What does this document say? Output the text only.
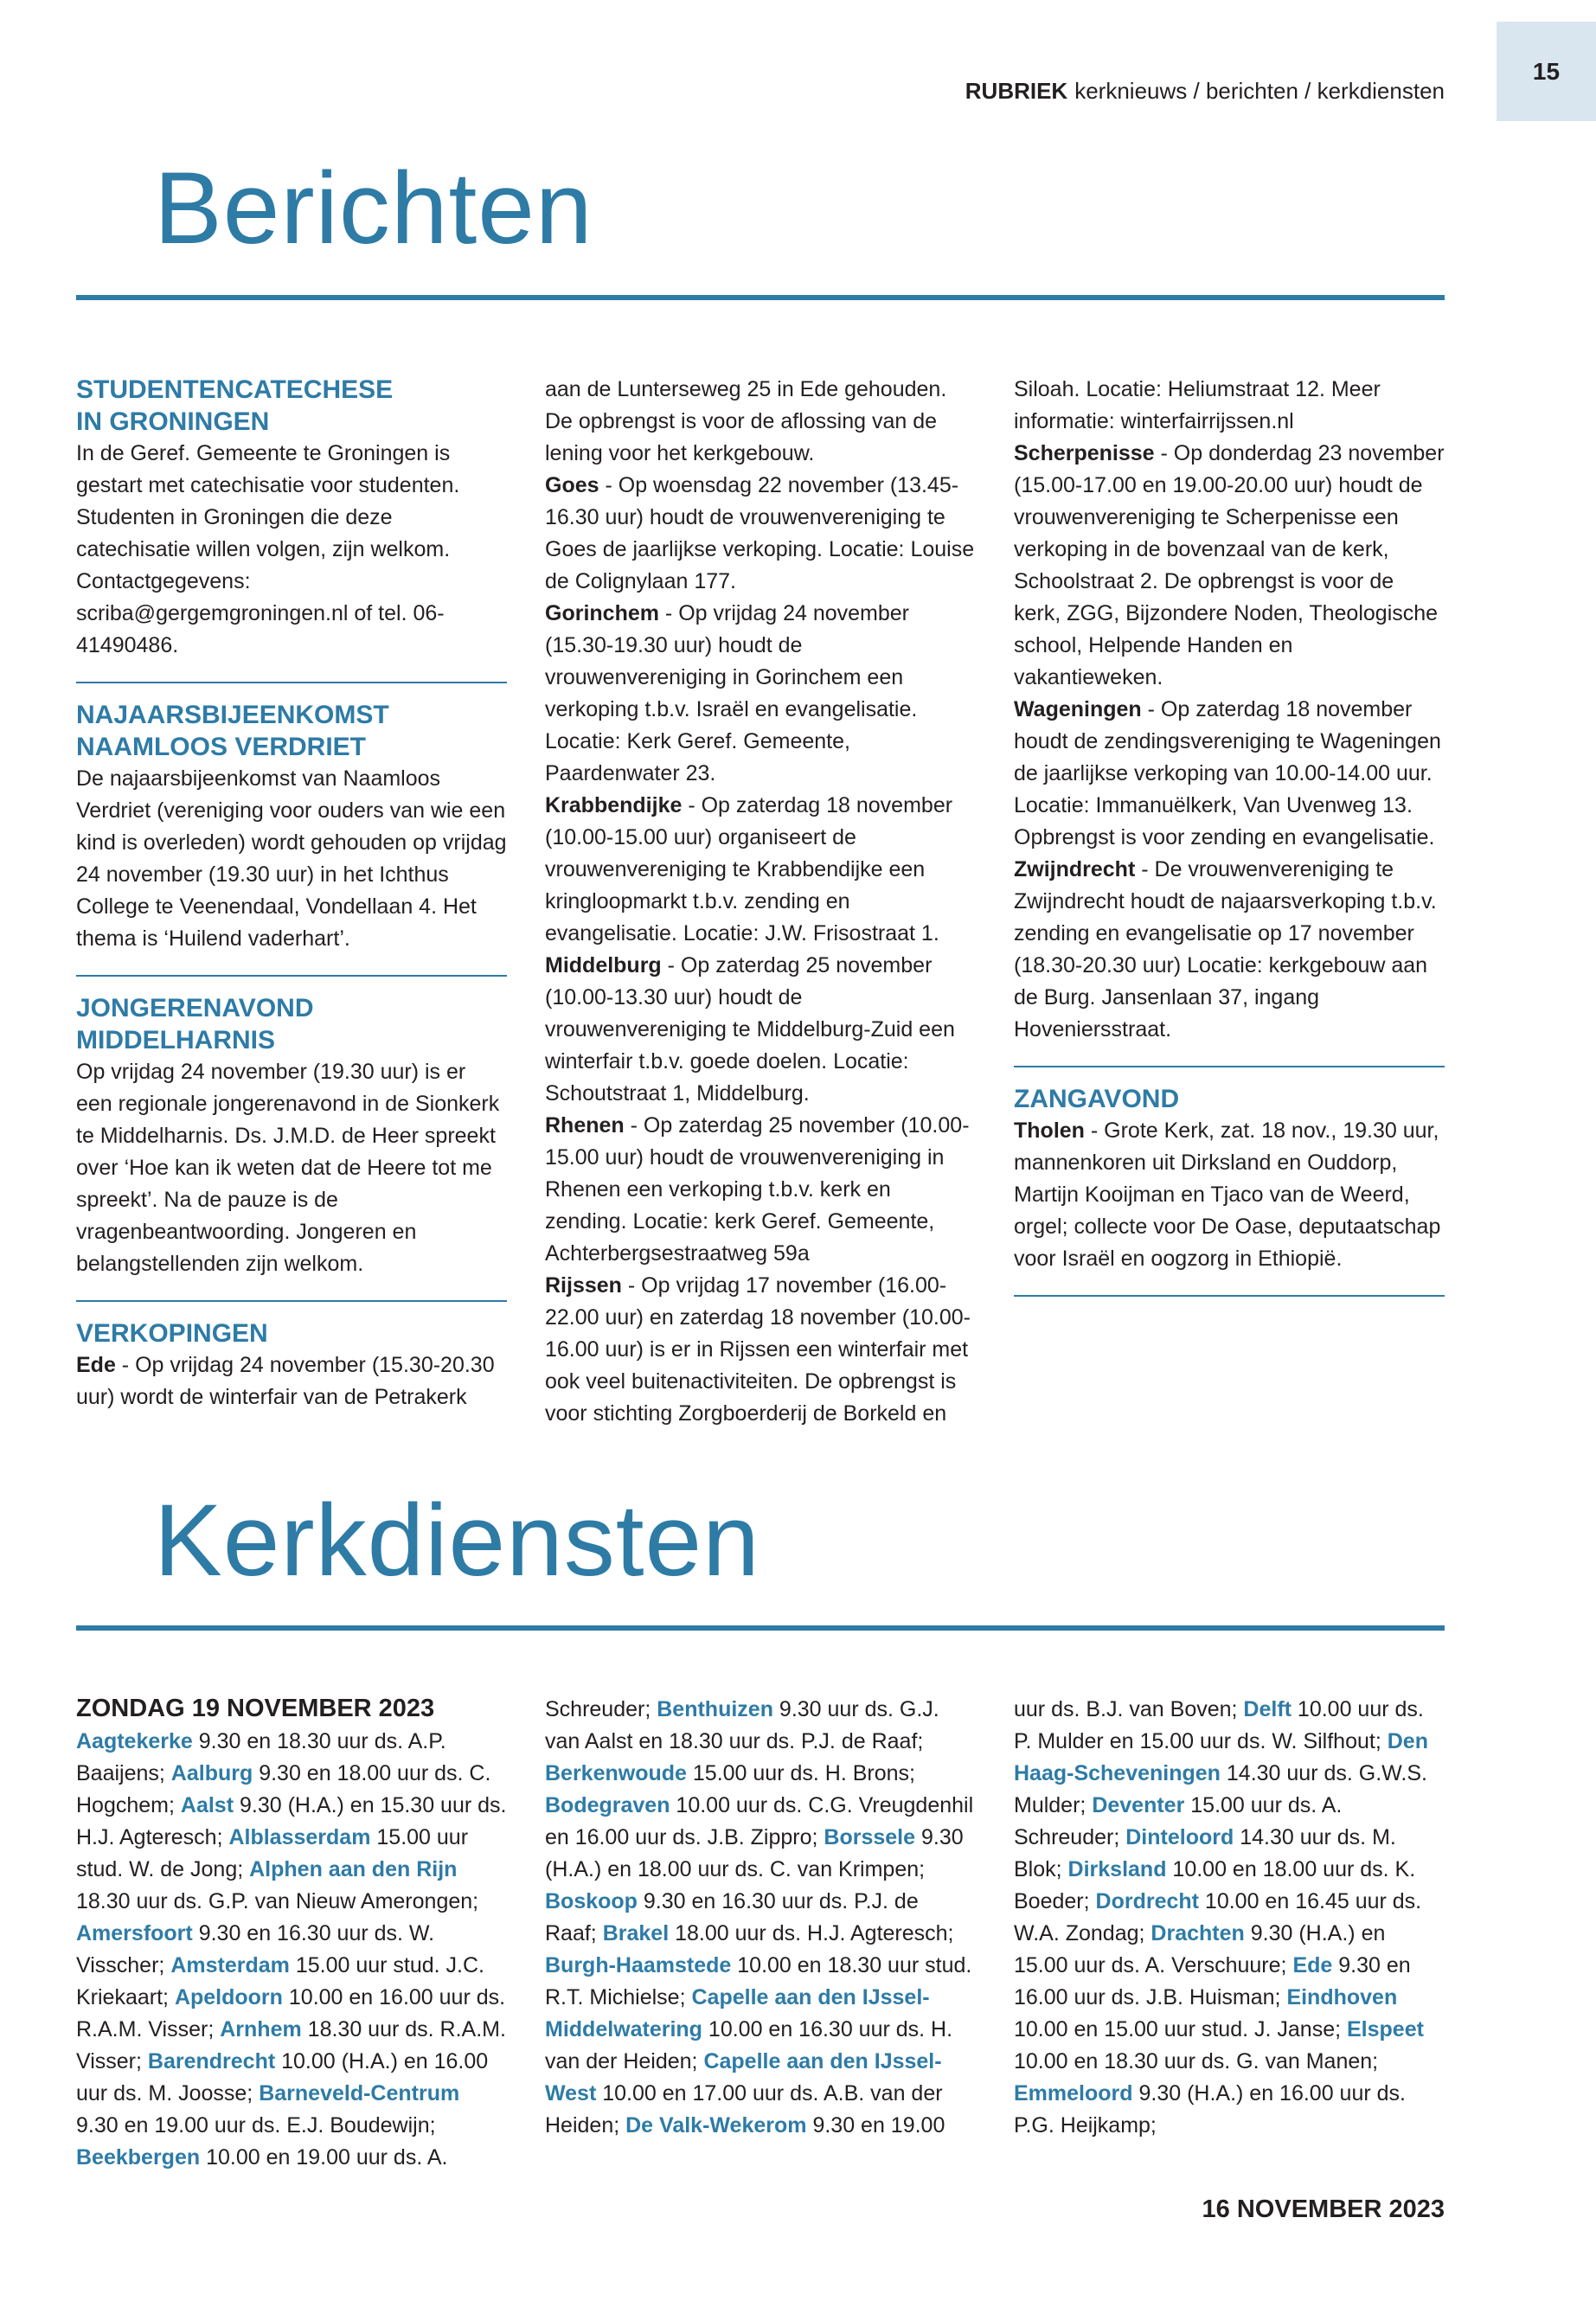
15
RUBRIEK kerknieuws / berichten / kerkdiensten
Berichten
STUDENTENCATECHESE
IN GRONINGEN

In de Geref. Gemeente te Groningen is gestart met catechisatie voor studenten. Studenten in Groningen die deze catechisatie willen volgen, zijn welkom. Contactgegevens: scriba@gergemgroningen.nl of tel. 06-41490486.

NAJAARSBIJEENKOMST
NAAMLOOS VERDRIET

De najaarsbijeenkomst van Naamloos Verdriet (vereniging voor ouders van wie een kind is overleden) wordt gehouden op vrijdag 24 november (19.30 uur) in het Ichthus College te Veenendaal, Vondellaan 4. Het thema is ‘Huilend vaderhart’.

JONGERENAVOND
MIDDELHARNIS

Op vrijdag 24 november (19.30 uur) is er een regionale jongerenavond in de Sionkerk te Middelharnis. Ds. J.M.D. de Heer spreekt over ‘Hoe kan ik weten dat de Heere tot me spreekt’. Na de pauze is de vragenbeantwoording. Jongeren en belangstellenden zijn welkom.

VERKOPINGEN

Ede - Op vrijdag 24 november (15.30-20.30 uur) wordt de winterfair van de Petrakerk

aan de Lunterseweg 25 in Ede gehouden. De opbrengst is voor de aflossing van de lening voor het kerkgebouw.

Goes - Op woensdag 22 november (13.45-16.30 uur) houdt de vrouwenvereniging te Goes de jaarlijkse verkoping. Locatie: Louise de Colignylaan 177.

Gorinchem - Op vrijdag 24 november (15.30-19.30 uur) houdt de vrouwenvereniging in Gorinchem een verkoping t.b.v. Israël en evangelisatie. Locatie: Kerk Geref. Gemeente, Paardenwater 23.

Krabbendijke - Op zaterdag 18 november (10.00-15.00 uur) organiseert de vrouwenvereniging te Krabbendijke een kringloopmarkt t.b.v. zending en evangelisatie. Locatie: J.W. Frisostraat 1.

Middelburg - Op zaterdag 25 november (10.00-13.30 uur) houdt de vrouwenvereniging te Middelburg-Zuid een winterfair t.b.v. goede doelen. Locatie: Schoutstraat 1, Middelburg.

Rhenen - Op zaterdag 25 november (10.00-15.00 uur) houdt de vrouwenvereniging in Rhenen een verkoping t.b.v. kerk en zending. Locatie: kerk Geref. Gemeente, Achterbergsestraatweg 59a

Rijssen - Op vrijdag 17 november (16.00-22.00 uur) en zaterdag 18 november (10.00-16.00 uur) is er in Rijssen een winterfair met ook veel buitenactiviteiten. De opbrengst is voor stichting Zorgboerderij de Borkeld en

Siloah. Locatie: Heliumstraat 12. Meer informatie: winterfairrijssen.nl

Scherpenisse - Op donderdag 23 november (15.00-17.00 en 19.00-20.00 uur) houdt de vrouwenvereniging te Scherpenisse een verkoping in de bovenzaal van de kerk, Schoolstraat 2. De opbrengst is voor de kerk, ZGG, Bijzondere Noden, Theologische school, Helpende Handen en vakantieweken.

Wageningen - Op zaterdag 18 november houdt de zendingsvereniging te Wageningen de jaarlijkse verkoping van 10.00-14.00 uur. Locatie: Immanuëlkerk, Van Uvenweg 13. Opbrengst is voor zending en evangelisatie.

Zwijndrecht - De vrouwenvereniging te Zwijndrecht houdt de najaarsverkoping t.b.v. zending en evangelisatie op 17 november (18.30-20.30 uur) Locatie: kerkgebouw aan de Burg. Jansenlaan 37, ingang Hoveniersstraat.

ZANGAVOND

Tholen - Grote Kerk, zat. 18 nov., 19.30 uur, mannenkoren uit Dirksland en Ouddorp, Martijn Kooijman en Tjaco van de Weerd, orgel; collecte voor De Oase, deputaatschap voor Israël en oogzorg in Ethiopië.

Kerkdiensten
ZONDAG 19 NOVEMBER 2023

Aagtekerke 9.30 en 18.30 uur ds. A.P. Baaijens; Aalburg 9.30 en 18.00 uur ds. C. Hogchem; Aalst 9.30 (H.A.) en 15.30 uur ds. H.J. Agteresch; Alblasserdam 15.00 uur stud. W. de Jong; Alphen aan den Rijn 18.30 uur ds. G.P. van Nieuw Amerongen; Amersfoort 9.30 en 16.30 uur ds. W. Visscher; Amsterdam 15.00 uur stud. J.C. Kriekaart; Apeldoorn 10.00 en 16.00 uur ds. R.A.M. Visser; Arnhem 18.30 uur ds. R.A.M. Visser; Barendrecht 10.00 (H.A.) en 16.00 uur ds. M. Joosse; Barneveld-Centrum 9.30 en 19.00 uur ds. E.J. Boudewijn; Beekbergen 10.00 en 19.00 uur ds. A.

Schreuder; Benthuizen 9.30 uur ds. G.J. van Aalst en 18.30 uur ds. P.J. de Raaf; Berkenwoude 15.00 uur ds. H. Brons; Bodegraven 10.00 uur ds. C.G. Vreugdenhil en 16.00 uur ds. J.B. Zippro; Borssele 9.30 (H.A.) en 18.00 uur ds. C. van Krimpen; Boskoop 9.30 en 16.30 uur ds. P.J. de Raaf; Brakel 18.00 uur ds. H.J. Agteresch; Burgh-Haamstede 10.00 en 18.30 uur stud. R.T. Michielse; Capelle aan den IJssel-Middelwatering 10.00 en 16.30 uur ds. H. van der Heiden; Capelle aan den IJssel-West 10.00 en 17.00 uur ds. A.B. van der Heiden; De Valk-Wekerom 9.30 en 19.00

uur ds. B.J. van Boven; Delft 10.00 uur ds. P. Mulder en 15.00 uur ds. W. Silfhout; Den Haag-Scheveningen 14.30 uur ds. G.W.S. Mulder; Deventer 15.00 uur ds. A. Schreuder; Dinteloord 14.30 uur ds. M. Blok; Dirksland 10.00 en 18.00 uur ds. K. Boeder; Dordrecht 10.00 en 16.45 uur ds. W.A. Zondag; Drachten 9.30 (H.A.) en 15.00 uur ds. A. Verschuure; Ede 9.30 en 16.00 uur ds. J.B. Huisman; Eindhoven 10.00 en 15.00 uur stud. J. Janse; Elspeet 10.00 en 18.30 uur ds. G. van Manen; Emmeloord 9.30 (H.A.) en 16.00 uur ds. P.G. Heijkamp;

16 NOVEMBER 2023
